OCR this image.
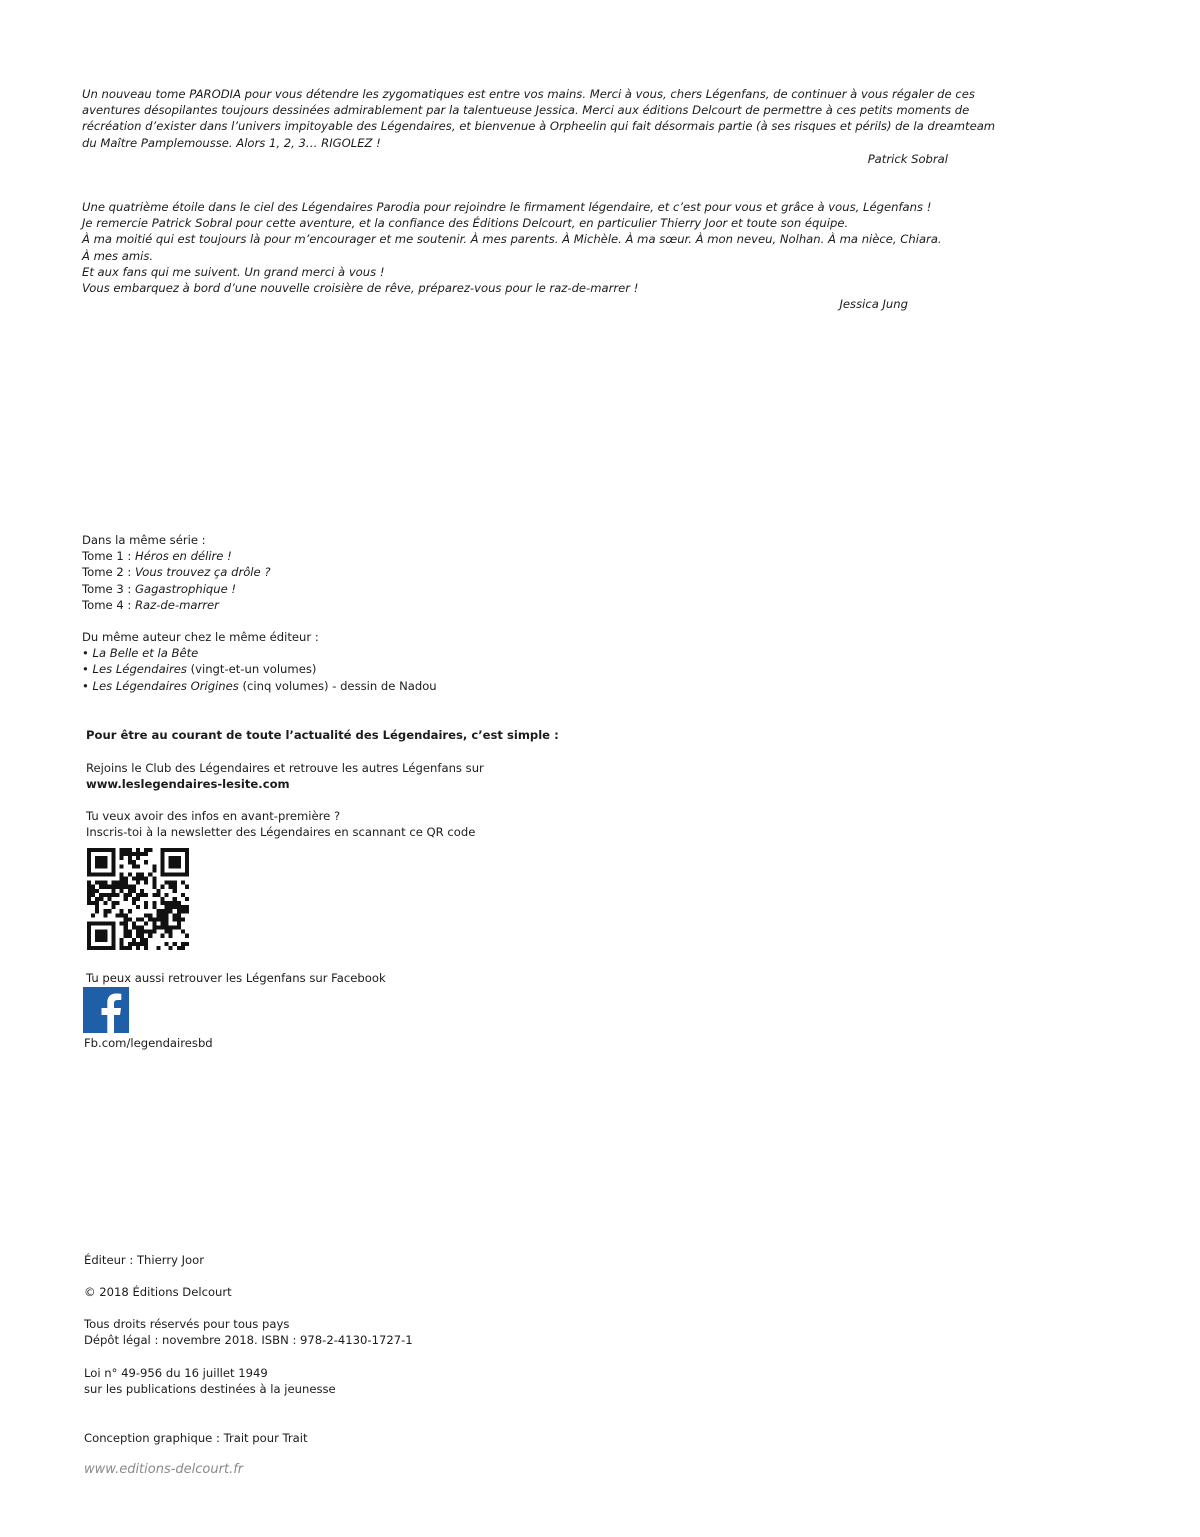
Un nouveau tome PARODIA pour vous détendre les zygomatiques est entre vos mains. Merci à vous, chers Légenfans, de continuer à vous régaler de ces
aventures désopilantes toujours dessinées admirablement par la talentueuse Jessica. Merci aux éditions Delcourt de permettre à ces petits moments de
récréation d’exister dans l’univers impitoyable des Légendaires, et bienvenue à Orpheelin qui fait désormais partie (à ses risques et périls) de la dreamteam
du Maître Pamplemousse. Alors 1, 2, 3… RIGOLEZ !
Patrick Sobral
Une quatrième étoile dans le ciel des Légendaires Parodia pour rejoindre le firmament légendaire, et c’est pour vous et grâce à vous, Légenfans !
Je remercie Patrick Sobral pour cette aventure, et la confiance des Éditions Delcourt, en particulier Thierry Joor et toute son équipe.
À ma moitié qui est toujours là pour m’encourager et me soutenir. À mes parents. À Michèle. À ma sœur. À mon neveu, Nolhan. À ma nièce, Chiara.
À mes amis.
Et aux fans qui me suivent. Un grand merci à vous !
Vous embarquez à bord d’une nouvelle croisière de rêve, préparez-vous pour le raz-de-marrer !
Jessica Jung
Dans la même série :
Tome 1 : Héros en délire !
Tome 2 : Vous trouvez ça drôle ?
Tome 3 : Gagastrophique !
Tome 4 : Raz-de-marrer
Du même auteur chez le même éditeur :
• La Belle et la Bête
• Les Légendaires (vingt-et-un volumes)
• Les Légendaires Origines (cinq volumes) - dessin de Nadou
Pour être au courant de toute l’actualité des Légendaires, c’est simple :
Rejoins le Club des Légendaires et retrouve les autres Légenfans sur
www.leslegendaires-lesite.com
Tu veux avoir des infos en avant-première ?
Inscris-toi à la newsletter des Légendaires en scannant ce QR code
Tu peux aussi retrouver les Légenfans sur Facebook
Fb.com/legendairesbd
Éditeur : Thierry Joor
© 2018 Éditions Delcourt
Tous droits réservés pour tous pays
Dépôt légal : novembre 2018. ISBN : 978-2-4130-1727-1
Loi n° 49-956 du 16 juillet 1949
sur les publications destinées à la jeunesse
Conception graphique : Trait pour Trait
www.editions-delcourt.fr
